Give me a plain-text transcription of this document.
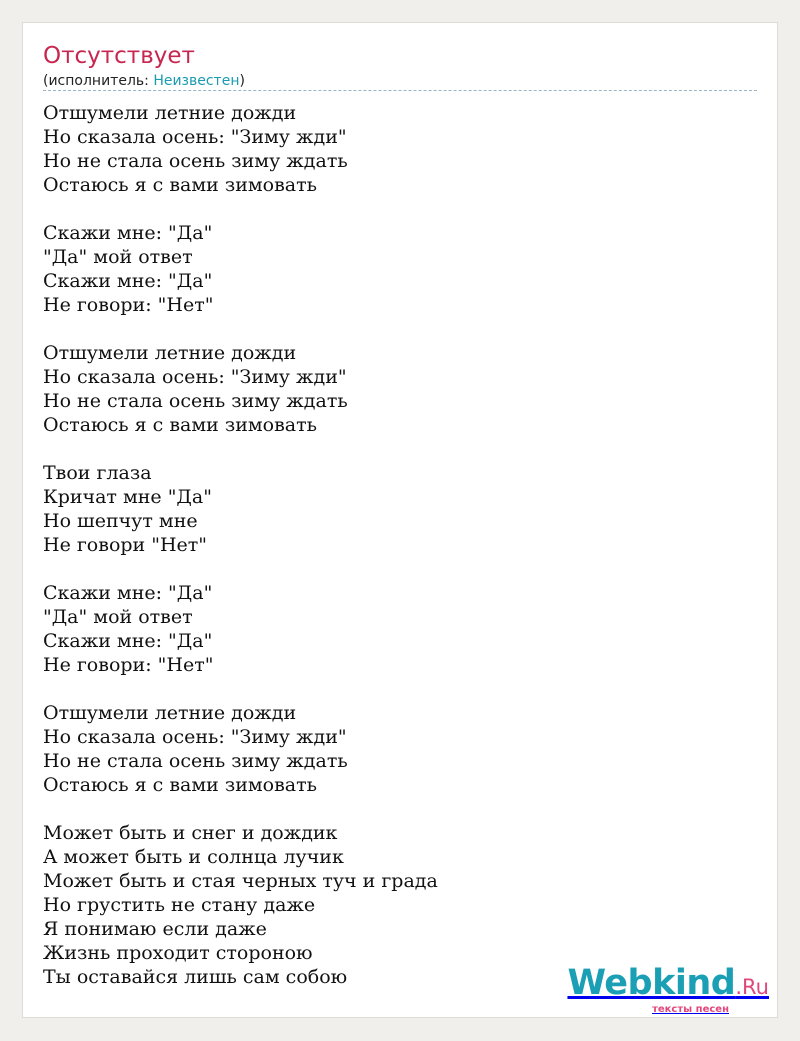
Отсутствует
(исполнитель: Неизвестен)
Отшумели летние дожди
Но сказала осень: "Зиму жди"
Но не стала осень зиму ждать
Остаюсь я с вами зимовать
Скажи мне: "Да"
"Да" мой ответ
Скажи мне: "Да"
Не говори: "Нет"
Отшумели летние дожди
Но сказала осень: "Зиму жди"
Но не стала осень зиму ждать
Остаюсь я с вами зимовать
Твои глаза
Кричат мне "Да"
Но шепчут мне
Не говори "Нет"
Скажи мне: "Да"
"Да" мой ответ
Скажи мне: "Да"
Не говори: "Нет"
Отшумели летние дожди
Но сказала осень: "Зиму жди"
Но не стала осень зиму ждать
Остаюсь я с вами зимовать
Может быть и снег и дождик
А может быть и солнца лучик
Может быть и стая черных туч и града
Но грустить не стану даже
Я понимаю если даже
Жизнь проходит стороною
Ты оставайся лишь сам собою	Webkind.Ru
тексты песен
